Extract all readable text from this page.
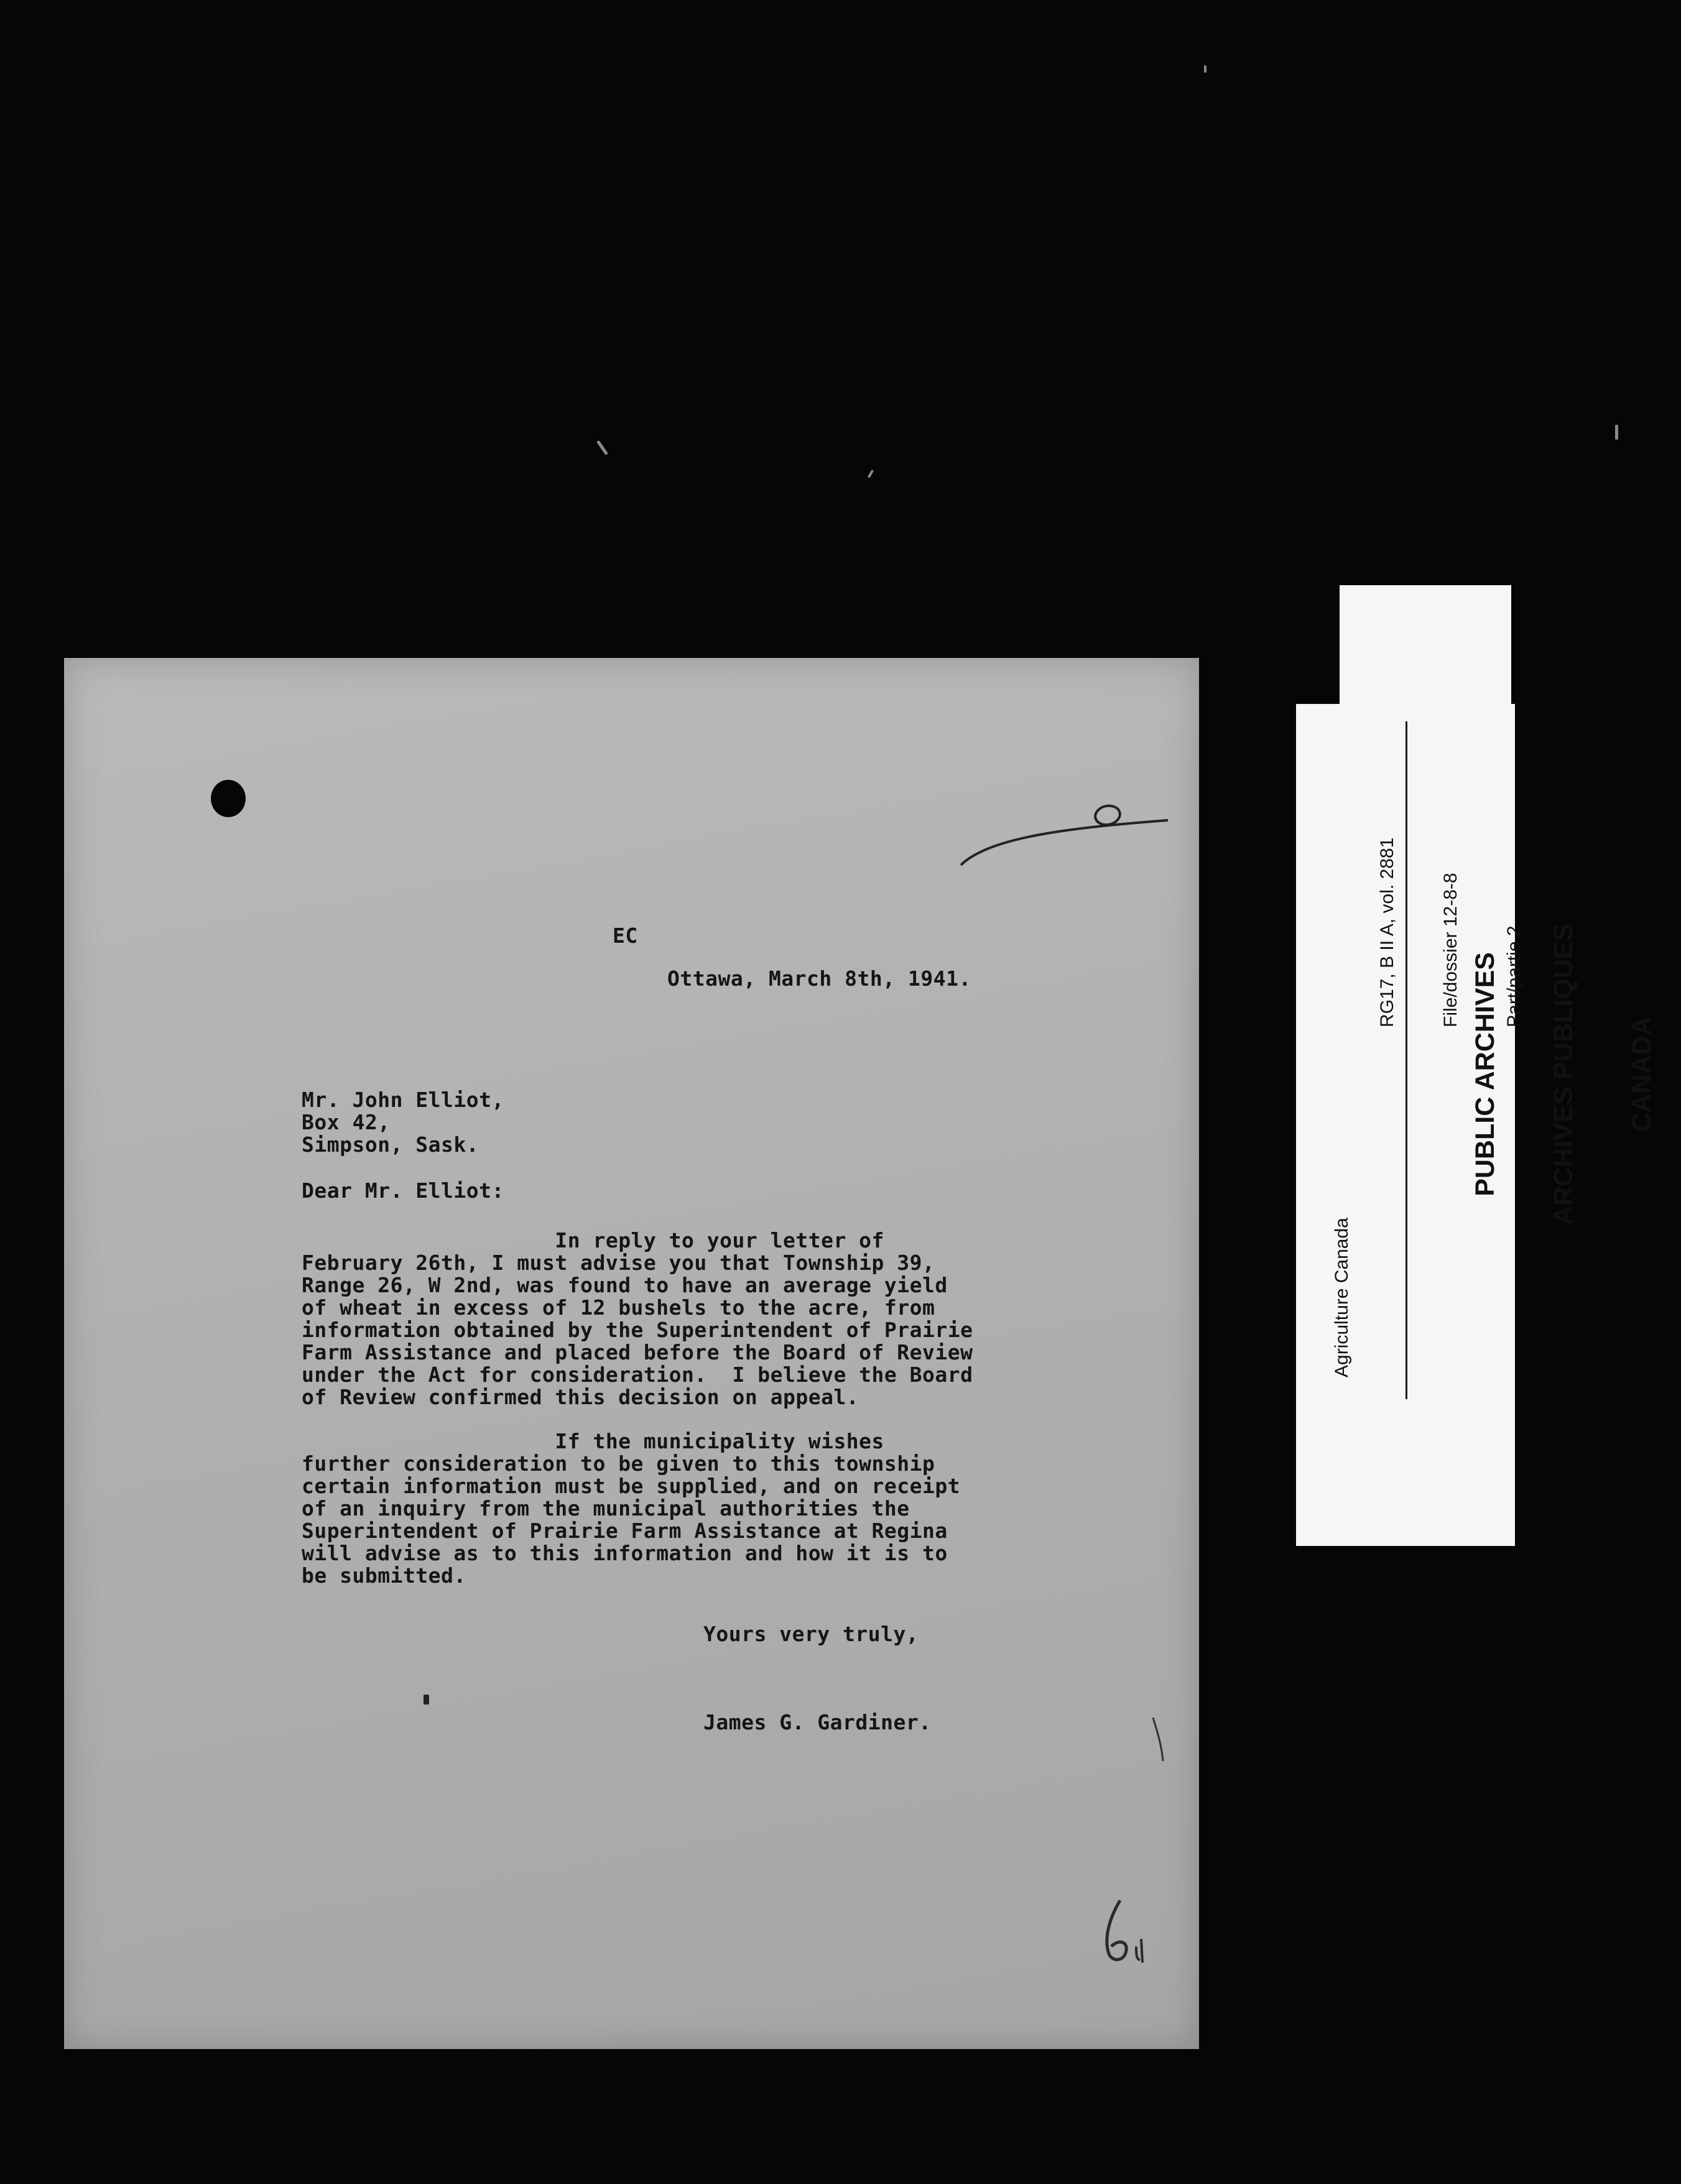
EC
Ottawa, March 8th, 1941.
Mr. John Elliot,
Box 42,
Simpson, Sask.
Dear Mr. Elliot:
In reply to your letter of
February 26th, I must advise you that Township 39,
Range 26, W 2nd, was found to have an average yield
of wheat in excess of 12 bushels to the acre, from
information obtained by the Superintendent of Prairie
Farm Assistance and placed before the Board of Review
under the Act for consideration.  I believe the Board
of Review confirmed this decision on appeal.
If the municipality wishes
further consideration to be given to this township
certain information must be supplied, and on receipt
of an inquiry from the municipal authorities the
Superintendent of Prairie Farm Assistance at Regina
will advise as to this information and how it is to
be submitted.
Yours very truly,
James G. Gardiner.
Agriculture Canada

RG17, B II A, vol. 2881

File/dossier 12-8-8

Part/partie 2

PUBLIC ARCHIVES

ARCHIVES PUBLIQUES

CANADA
